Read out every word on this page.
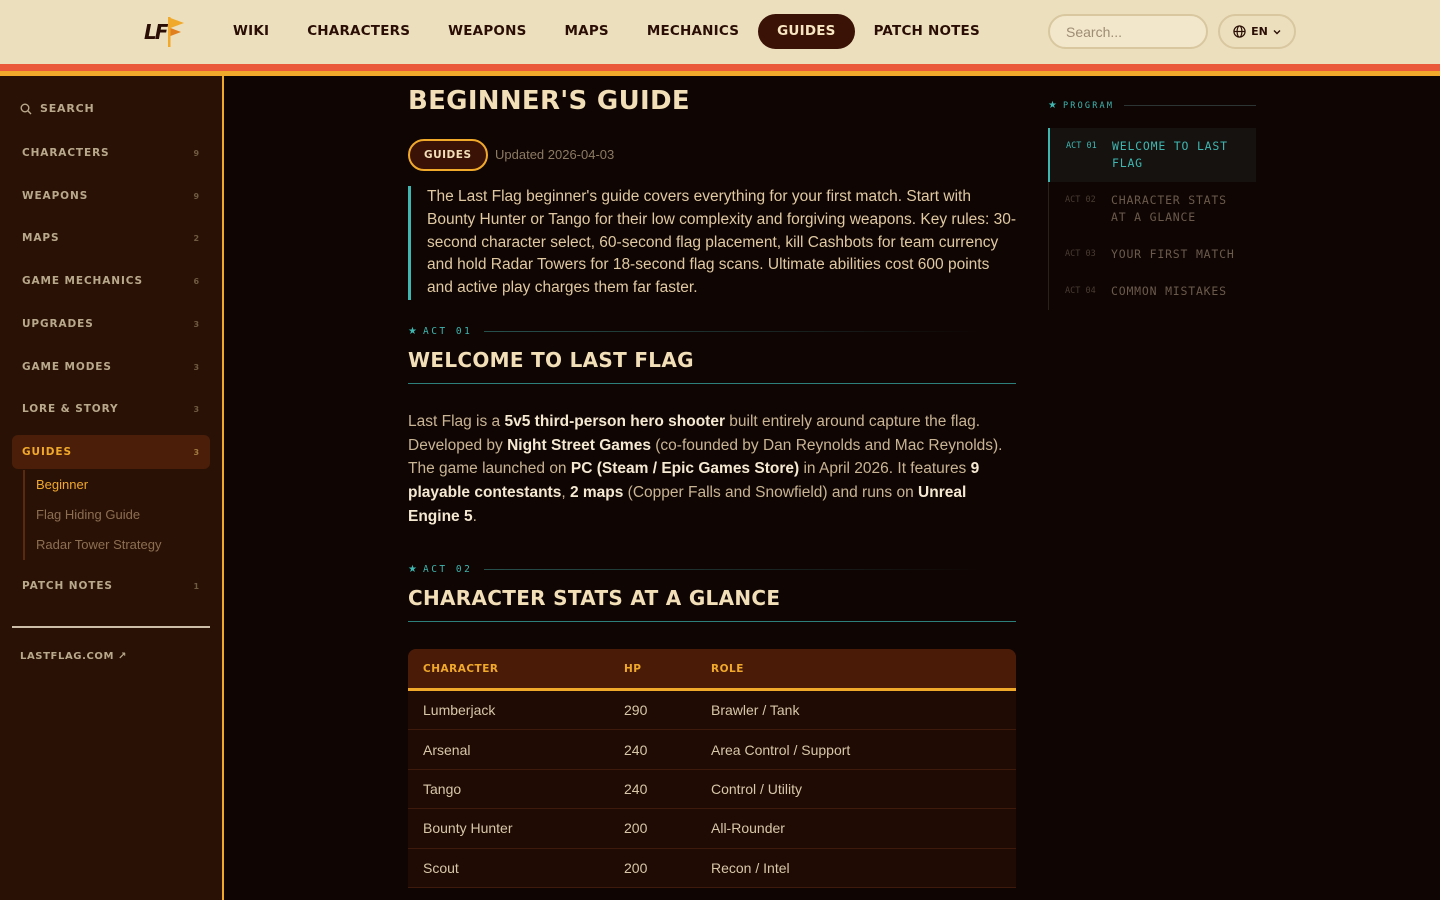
LF	WIKI	CHARACTERS	WEAPONS	MAPS	MECHANICS	GUIDES	PATCH NOTES
Search...	EN
SEARCH
CHARACTERS	9
WEAPONS	9
MAPS	2
GAME MECHANICS	6
UPGRADES	3
GAME MODES	3
LORE & STORY	3
GUIDES	3
Beginner
Flag Hiding Guide
Radar Tower Strategy
PATCH NOTES	1
LASTFLAG.COM ↗
BEGINNER'S GUIDE
GUIDES	Updated 2026-04-03
The Last Flag beginner's guide covers everything for your first match. Start with Bounty Hunter or Tango for their low complexity and forgiving weapons. Key rules: 30-second character select, 60-second flag placement, kill Cashbots for team currency and hold Radar Towers for 18-second flag scans. Ultimate abilities cost 600 points and active play charges them far faster.
★ ACT 01
WELCOME TO LAST FLAG
Last Flag is a 5v5 third-person hero shooter built entirely around capture the flag. Developed by Night Street Games (co-founded by Dan Reynolds and Mac Reynolds). The game launched on PC (Steam / Epic Games Store) in April 2026. It features 9 playable contestants, 2 maps (Copper Falls and Snowfield) and runs on Unreal Engine 5.
★ ACT 02
CHARACTER STATS AT A GLANCE
CHARACTER	HP	ROLE
Lumberjack	290	Brawler / Tank
Arsenal	240	Area Control / Support
Tango	240	Control / Utility
Bounty Hunter	200	All-Rounder
Scout	200	Recon / Intel
★ PROGRAM
ACT 01	WELCOME TO LAST FLAG
ACT 02	CHARACTER STATS AT A GLANCE
ACT 03	YOUR FIRST MATCH
ACT 04	COMMON MISTAKES
